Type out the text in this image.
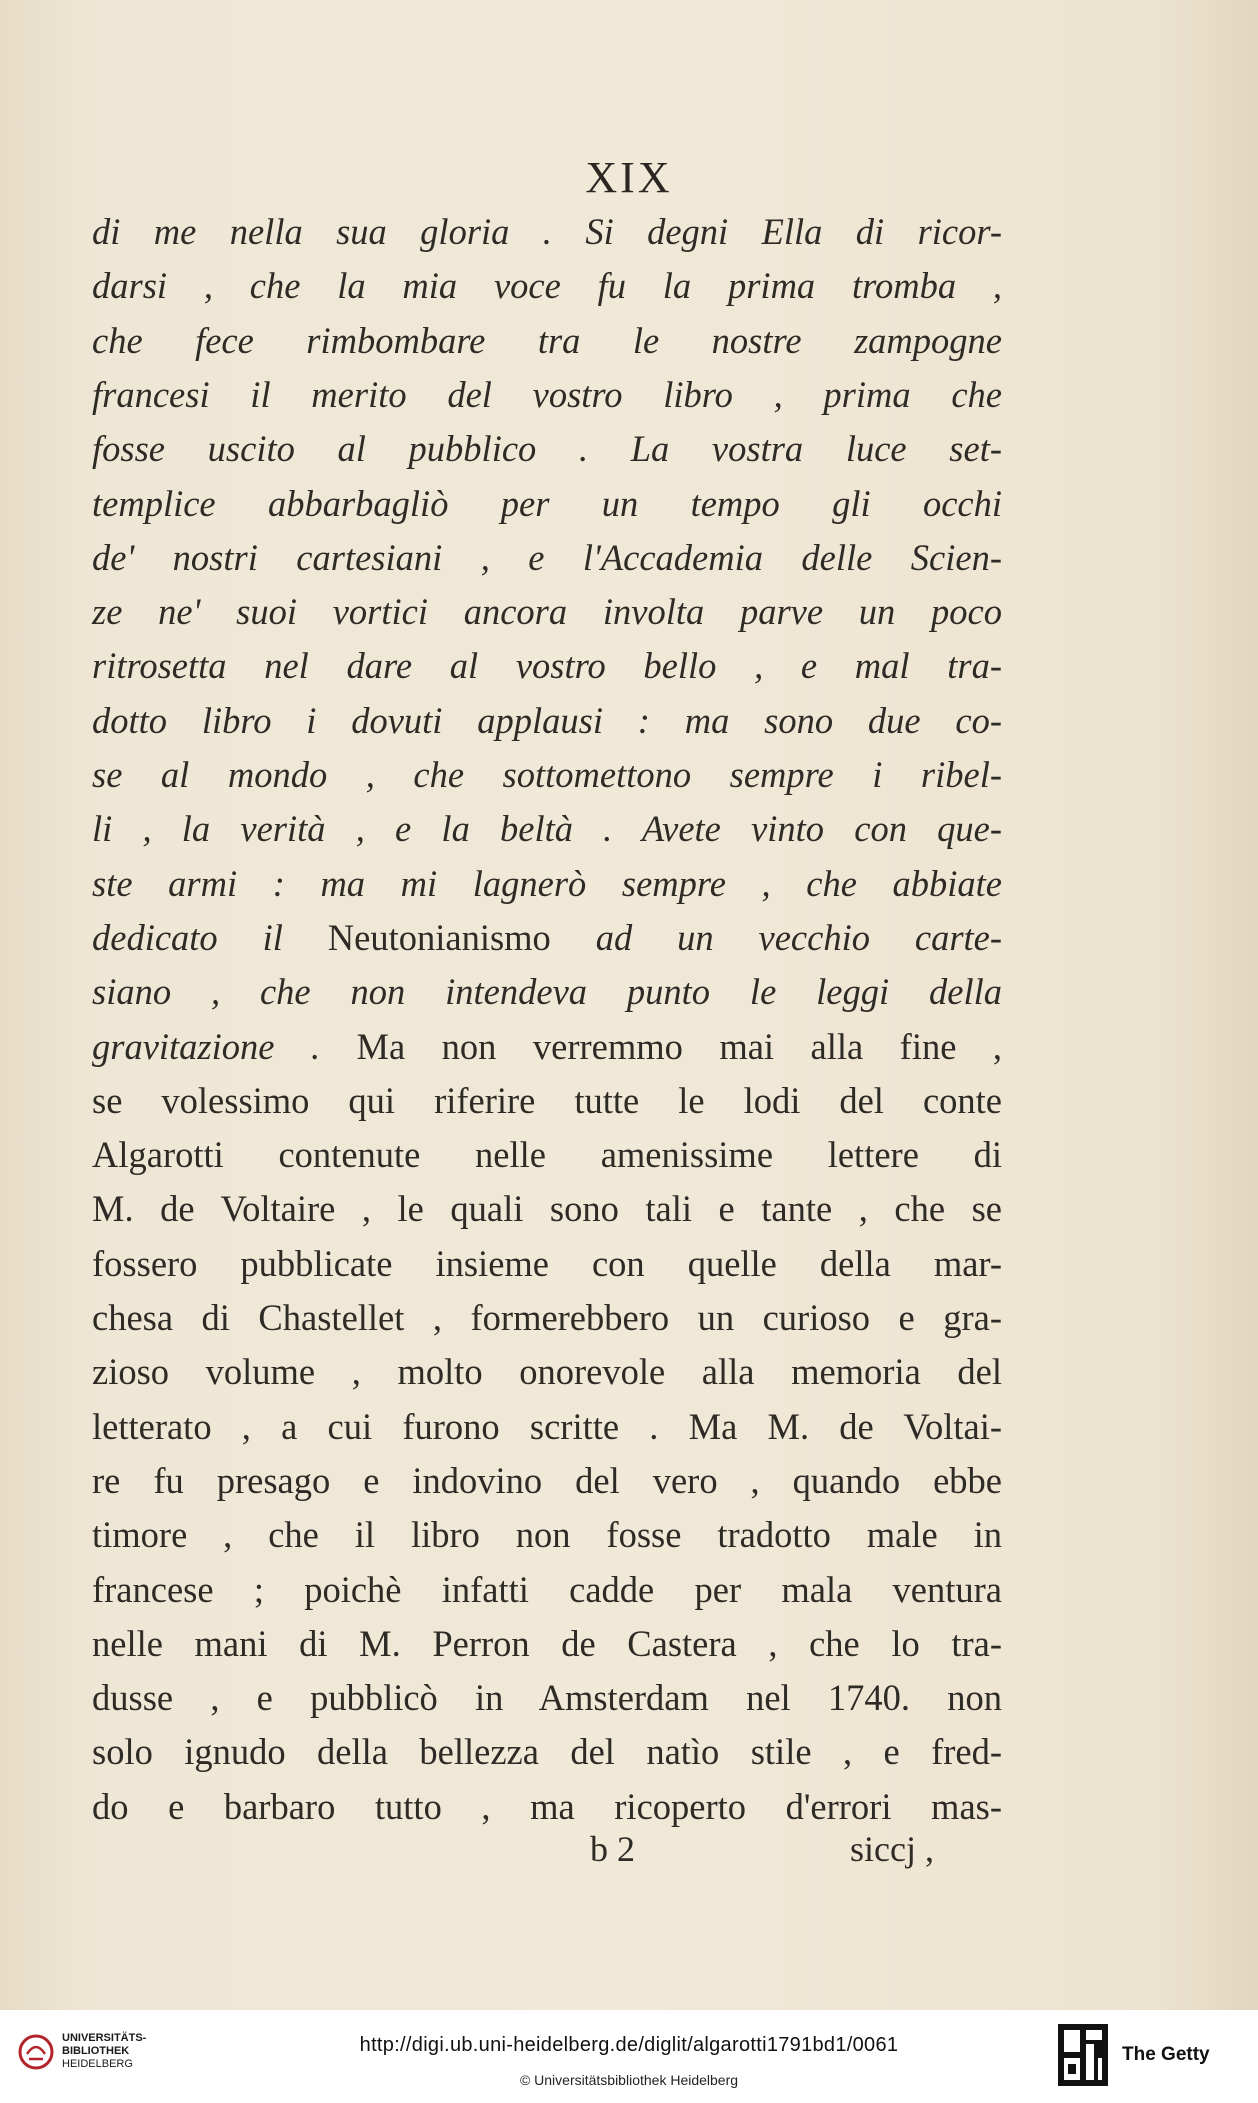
XIX
di me nella sua gloria . Si degni Ella di ricor-
darsi , che la mia voce fu la prima tromba ,
che fece rimbombare tra le nostre zampogne
francesi il merito del vostro libro , prima che
fosse uscito al pubblico . La vostra luce set-
templice abbarbagliò per un tempo gli occhi
de' nostri cartesiani , e l'Accademia delle Scien-
ze ne' suoi vortici ancora involta parve un poco
ritrosetta nel dare al vostro bello , e mal tra-
dotto libro i dovuti applausi : ma sono due co-
se al mondo , che sottomettono sempre i ribel-
li , la verità , e la beltà . Avete vinto con que-
ste armi : ma mi lagnerò sempre , che abbiate
dedicato il Neutonianismo ad un vecchio carte-
siano , che non intendeva punto le leggi della
gravitazione . Ma non verremmo mai alla fine ,
se volessimo qui riferire tutte le lodi del conte
Algarotti contenute nelle amenissime lettere di
M. de Voltaire , le quali sono tali e tante , che se
fossero pubblicate insieme con quelle della mar-
chesa di Chastellet , formerebbero un curioso e gra-
zioso volume , molto onorevole alla memoria del
letterato , a cui furono scritte . Ma M. de Voltai-
re fu presago e indovino del vero , quando ebbe
timore , che il libro non fosse tradotto male in
francese ; poichè infatti cadde per mala ventura
nelle mani di M. Perron de Castera , che lo tra-
dusse , e pubblicò in Amsterdam nel 1740. non
solo ignudo della bellezza del natìo stile , e fred-
do e barbaro tutto , ma ricoperto d'errori mas-
b 2	siccj ,
UNIVERSITÄTS-
BIBLIOTHEK
HEIDELBERG
http://digi.ub.uni-heidelberg.de/diglit/algarotti1791bd1/0061
© Universitätsbibliothek Heidelberg
The Getty
